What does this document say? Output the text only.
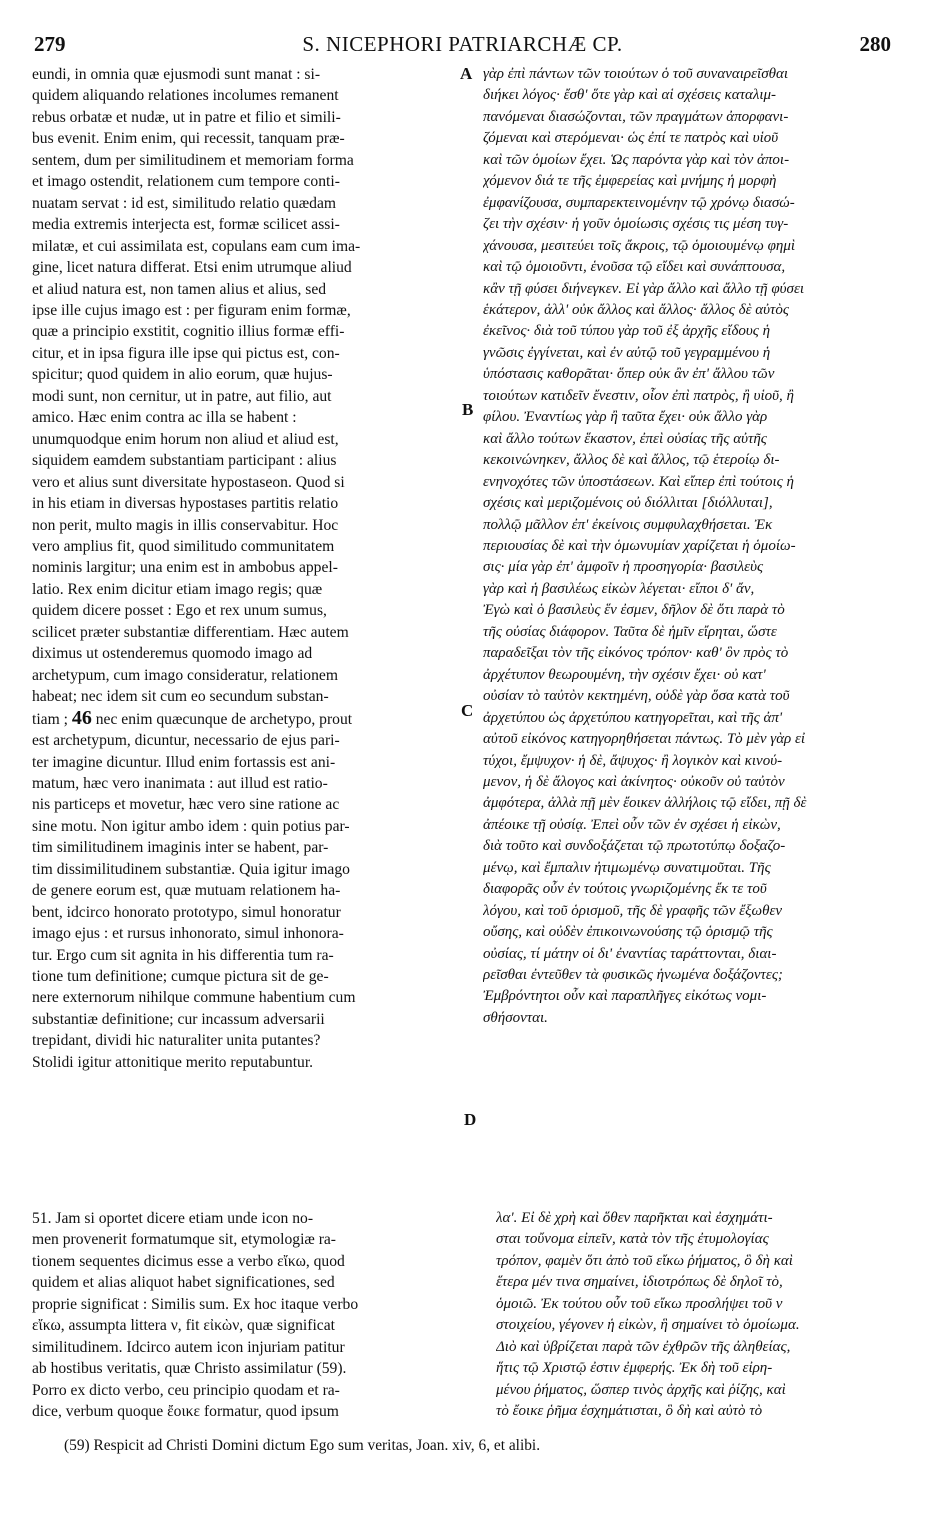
279	S. NICEPHORI PATRIARCHÆ CP.	280
eundi, in omnia quæ ejusmodi sunt manat : si-
quidem aliquando relationes incolumes remanent
rebus orbatæ et nudæ, ut in patre et filio et simili-
bus evenit. Enim enim, qui recessit, tanquam præ-
sentem, dum per similitudinem et memoriam forma
et imago ostendit, relationem cum tempore conti-
nuatam servat : id est, similitudo relatio quædam
media extremis interjecta est, formæ scilicet assi-
milatæ, et cui assimilata est, copulans eam cum ima-
gine, licet natura differat. Etsi enim utrumque aliud
et aliud natura est, non tamen alius et alius, sed
ipse ille cujus imago est : per figuram enim formæ,
quæ a principio exstitit, cognitio illius formæ effi-
citur, et in ipsa figura ille ipse qui pictus est, con-
spicitur; quod quidem in alio eorum, quæ hujus-
modi sunt, non cernitur, ut in patre, aut filio, aut
amico. Hæc enim contra ac illa se habent :
unumquodque enim horum non aliud et aliud est,
siquidem eamdem substantiam participant : alius
vero et alius sunt diversitate hypostaseon. Quod si
in his etiam in diversas hypostases partitis relatio
non perit, multo magis in illis conservabitur. Hoc
vero amplius fit, quod similitudo communitatem
nominis largitur; una enim est in ambobus appel-
latio. Rex enim dicitur etiam imago regis; quæ
quidem dicere posset : Ego et rex unum sumus,
scilicet præter substantiæ differentiam. Hæc autem
diximus ut ostenderemus quomodo imago ad
archetypum, cum imago consideratur, relationem
habeat; nec idem sit cum eo secundum substan-
tiam ; 46 nec enim quæcunque de archetypo, prout
est archetypum, dicuntur, necessario de ejus pari-
ter imagine dicuntur. Illud enim fortassis est ani-
matum, hæc vero inanimata : aut illud est ratio-
nis particeps et movetur, hæc vero sine ratione ac
sine motu. Non igitur ambo idem : quin potius par-
tim similitudinem imaginis inter se habent, par-
tim dissimilitudinem substantiæ. Quia igitur imago
de genere eorum est, quæ mutuam relationem ha-
bent, idcirco honorato prototypo, simul honoratur
imago ejus : et rursus inhonorato, simul inhonora-
tur. Ergo cum sit agnita in his differentia tum ra-
tione tum definitione; cumque pictura sit de ge-
nere externorum nihilque commune habentium cum
substantiæ definitione; cur incassum adversarii
trepidant, dividi hic naturaliter unita putantes?
Stolidi igitur attonitique merito reputabuntur.
γὰρ ἐπὶ πάντων τῶν τοιούτων ὁ τοῦ συναναιρεῖσθαι
διήκει λόγος· ἔσθ' ὅτε γὰρ καὶ αἱ σχέσεις καταλιμ-
πανόμεναι διασώζονται, τῶν πραγμάτων ἀπορφανι-
ζόμεναι καὶ στερόμεναι· ὡς ἐπί τε πατρὸς καὶ υἱοῦ
καὶ τῶν ὁμοίων ἔχει. Ὡς παρόντα γὰρ καὶ τὸν ἀποι-
χόμενον διά τε τῆς ἐμφερείας καὶ μνήμης ἡ μορφὴ
ἐμφανίζουσα, συμπαρεκτεινομένην τῷ χρόνῳ διασώ-
ζει τὴν σχέσιν· ἡ γοῦν ὁμοίωσις σχέσις τις μέση τυγ-
χάνουσα, μεσιτεύει τοῖς ἄκροις, τῷ ὁμοιουμένῳ φημὶ
καὶ τῷ ὁμοιοῦντι, ἑνοῦσα τῷ εἴδει καὶ συνάπτουσα,
κἂν τῇ φύσει διήνεγκεν. Εἰ γὰρ ἄλλο καὶ ἄλλο τῇ φύσει
ἑκάτερον, ἀλλ' οὐκ ἄλλος καὶ ἄλλος· ἄλλος δὲ αὐτὸς
ἐκεῖνος· διὰ τοῦ τύπου γὰρ τοῦ ἐξ ἀρχῆς εἴδους ἡ
γνῶσις ἐγγίνεται, καὶ ἐν αὐτῷ τοῦ γεγραμμένου ἡ
ὑπόστασις καθορᾶται· ὅπερ οὐκ ἂν ἐπ' ἄλλου τῶν
τοιούτων κατιδεῖν ἔνεστιν, οἷον ἐπὶ πατρὸς, ἢ υἱοῦ, ἢ
φίλου. Ἐναντίως γὰρ ἢ ταῦτα ἔχει· οὐκ ἄλλο γὰρ
καὶ ἄλλο τούτων ἕκαστον, ἐπεὶ οὐσίας τῆς αὐτῆς
κεκοινώνηκεν, ἄλλος δὲ καὶ ἄλλος, τῷ ἑτεροίῳ δι-
ενηνοχότες τῶν ὑποστάσεων. Καὶ εἴπερ ἐπὶ τούτοις ἡ
σχέσις καὶ μεριζομένοις οὐ διόλλιται [διόλλυται],
πολλῷ μᾶλλον ἐπ' ἐκείνοις συμφυλαχθήσεται. Ἐκ
περιουσίας δὲ καὶ τὴν ὁμωνυμίαν χαρίζεται ἡ ὁμοίω-
σις· μία γὰρ ἐπ' ἀμφοῖν ἡ προσηγορία· βασιλεὺς
γὰρ καὶ ἡ βασιλέως εἰκὼν λέγεται· εἴποι δ' ἄν,
Ἐγὼ καὶ ὁ βασιλεὺς ἕν ἐσμεν, δῆλον δὲ ὅτι παρὰ τὸ
τῆς οὐσίας διάφορον. Ταῦτα δὲ ἡμῖν εἴρηται, ὥστε
παραδεῖξαι τὸν τῆς εἰκόνος τρόπον· καθ' ὃν πρὸς τὸ
ἀρχέτυπον θεωρουμένη, τὴν σχέσιν ἔχει· οὐ κατ'
οὐσίαν τὸ ταὐτὸν κεκτημένη, οὐδὲ γὰρ ὅσα κατὰ τοῦ
ἀρχετύπου ὡς ἀρχετύπου κατηγορεῖται, καὶ τῆς ἀπ'
αὐτοῦ εἰκόνος κατηγορηθήσεται πάντως. Τὸ μὲν γὰρ εἰ
τύχοι, ἔμψυχον· ἡ δὲ, ἄψυχος· ἢ λογικὸν καὶ κινού-
μενον, ἡ δὲ ἄλογος καὶ ἀκίνητος· οὐκοῦν οὐ ταὐτὸν
ἀμφότερα, ἀλλὰ πῇ μὲν ἔοικεν ἀλλήλοις τῷ εἴδει, πῇ δὲ
ἀπέοικε τῇ οὐσίᾳ. Ἐπεὶ οὖν τῶν ἐν σχέσει ἡ εἰκὼν,
διὰ τοῦτο καὶ συνδοξάζεται τῷ πρωτοτύπῳ δοξαζο-
μένῳ, καὶ ἔμπαλιν ἠτιμωμένῳ συνατιμοῦται. Τῆς
διαφορᾶς οὖν ἐν τούτοις γνωριζομένης ἔκ τε τοῦ
λόγου, καὶ τοῦ ὁρισμοῦ, τῆς δὲ γραφῆς τῶν ἔξωθεν
οὔσης, καὶ οὐδὲν ἐπικοινωνούσης τῷ ὁρισμῷ τῆς
οὐσίας, τί μάτην οἱ δι' ἐναντίας ταράττονται, διαι-
ρεῖσθαι ἐντεῦθεν τὰ φυσικῶς ἡνωμένα δοξάζοντες;
Ἐμβρόντητοι οὖν καὶ παραπλῆγες εἰκότως νομι-
σθήσονται.
A
B
C
D
51. Jam si oportet dicere etiam unde icon no-
men provenerit formatumque sit, etymologiæ ra-
tionem sequentes dicimus esse a verbo εἴκω, quod
quidem et alias aliquot habet significationes, sed
proprie significat : Similis sum. Ex hoc itaque verbo
εἴκω, assumpta littera ν, fit εἰκὼν, quæ significat
similitudinem. Idcirco autem icon injuriam patitur
ab hostibus veritatis, quæ Christo assimilatur (59).
Porro ex dicto verbo, ceu principio quodam et ra-
dice, verbum quoque ἔοικε formatur, quod ipsum
λα'. Εἰ δὲ χρὴ καὶ ὅθεν παρῆκται καὶ ἐσχημάτι-
σται τοὔνομα εἰπεῖν, κατὰ τὸν τῆς ἐτυμολογίας
τρόπον, φαμὲν ὅτι ἀπὸ τοῦ εἴκω ῥήματος, ὃ δὴ καὶ
ἕτερα μέν τινα σημαίνει, ἰδιοτρόπως δὲ δηλοῖ τὸ,
ὁμοιῶ. Ἐκ τούτου οὖν τοῦ εἴκω προσλήψει τοῦ ν
στοιχείου, γέγονεν ἡ εἰκὼν, ἣ σημαίνει τὸ ὁμοίωμα.
Διὸ καὶ ὑβρίζεται παρὰ τῶν ἐχθρῶν τῆς ἀληθείας,
ἥτις τῷ Χριστῷ ἐστιν ἐμφερής. Ἐκ δὴ τοῦ εἰρη-
μένου ῥήματος, ὥσπερ τινὸς ἀρχῆς καὶ ῥίζης, καὶ
τὸ ἔοικε ῥῆμα ἐσχημάτισται, ὃ δὴ καὶ αὐτὸ τὸ
(59) Respicit ad Christi Domini dictum Ego sum veritas, Joan. xiv, 6, et alibi.
